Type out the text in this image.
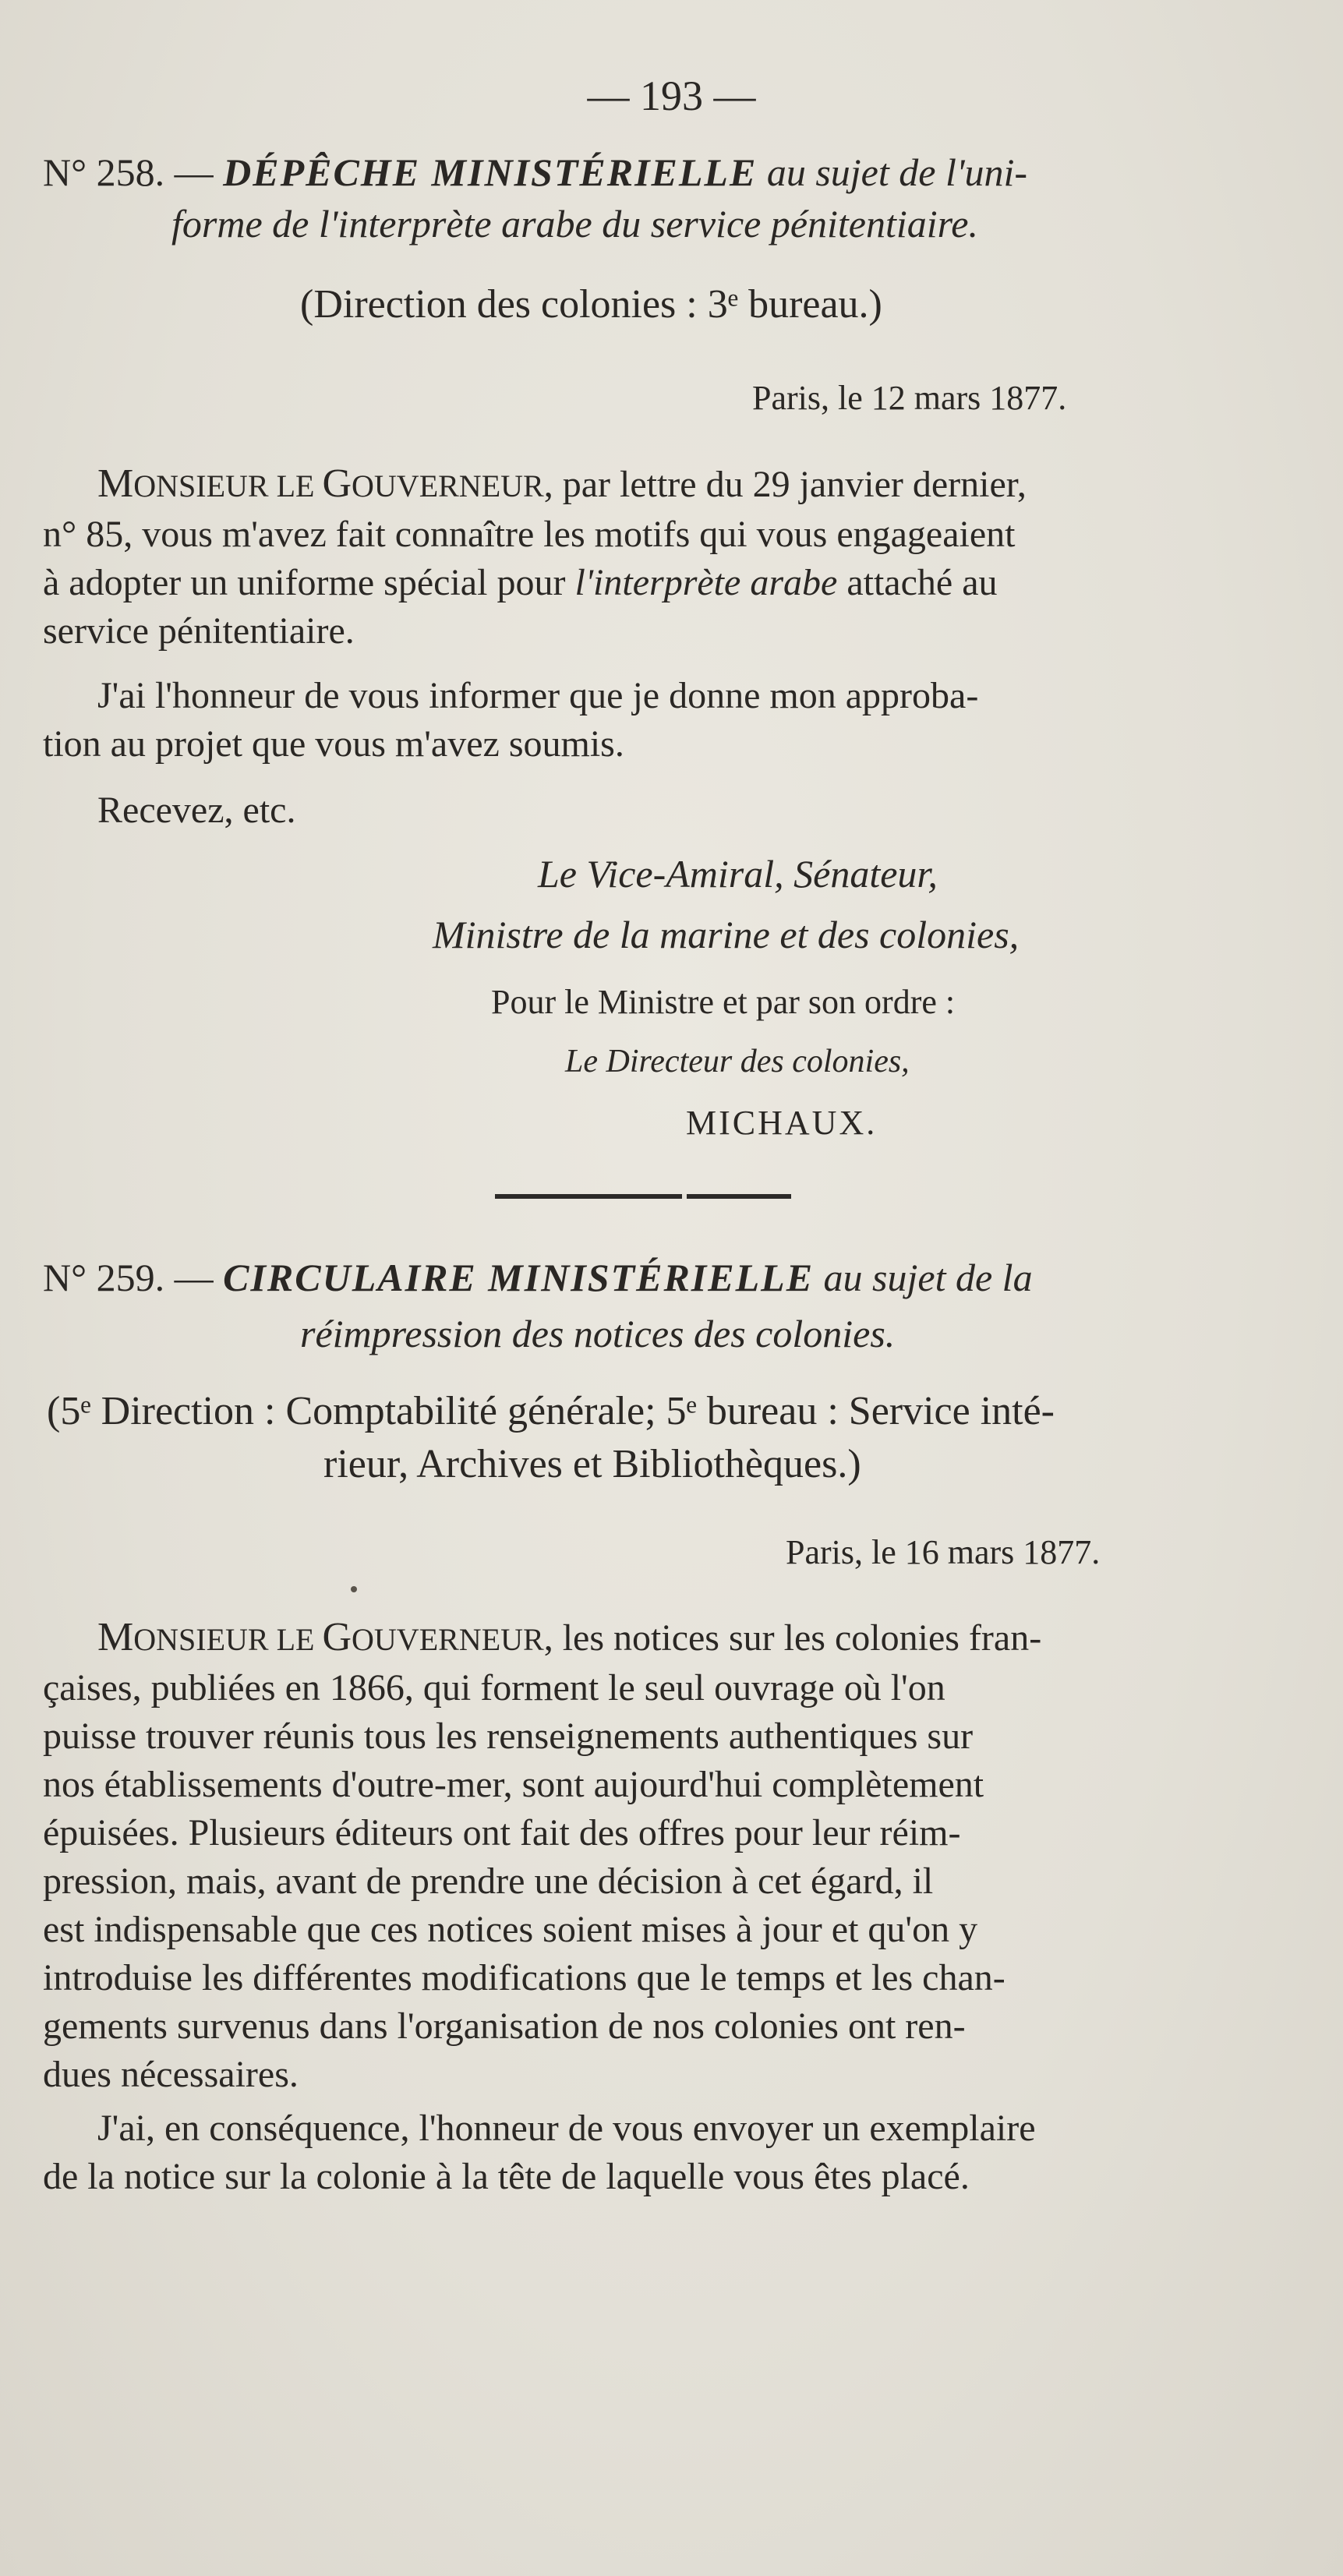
— 193 —
N° 258. — DÉPÊCHE MINISTÉRIELLE au sujet de l'uni-
forme de l'interprète arabe du service pénitentiaire.
(Direction des colonies : 3ᵉ bureau.)
Paris, le 12 mars 1877.
MONSIEUR LE GOUVERNEUR, par lettre du 29 janvier dernier,
n° 85, vous m'avez fait connaître les motifs qui vous engageaient
à adopter un uniforme spécial pour l'interprète arabe attaché au
service pénitentiaire.
J'ai l'honneur de vous informer que je donne mon approba-
tion au projet que vous m'avez soumis.
Recevez, etc.
Le Vice-Amiral, Sénateur,
Ministre de la marine et des colonies,
Pour le Ministre et par son ordre :
Le Directeur des colonies,
MICHAUX.
N° 259. — CIRCULAIRE MINISTÉRIELLE au sujet de la
réimpression des notices des colonies.
(5ᵉ Direction : Comptabilité générale; 5ᵉ bureau : Service inté-
rieur, Archives et Bibliothèques.)
Paris, le 16 mars 1877.
MONSIEUR LE GOUVERNEUR, les notices sur les colonies fran-
çaises, publiées en 1866, qui forment le seul ouvrage où l'on
puisse trouver réunis tous les renseignements authentiques sur
nos établissements d'outre-mer, sont aujourd'hui complètement
épuisées. Plusieurs éditeurs ont fait des offres pour leur réim-
pression, mais, avant de prendre une décision à cet égard, il
est indispensable que ces notices soient mises à jour et qu'on y
introduise les différentes modifications que le temps et les chan-
gements survenus dans l'organisation de nos colonies ont ren-
dues nécessaires.
J'ai, en conséquence, l'honneur de vous envoyer un exemplaire
de la notice sur la colonie à la tête de laquelle vous êtes placé.
